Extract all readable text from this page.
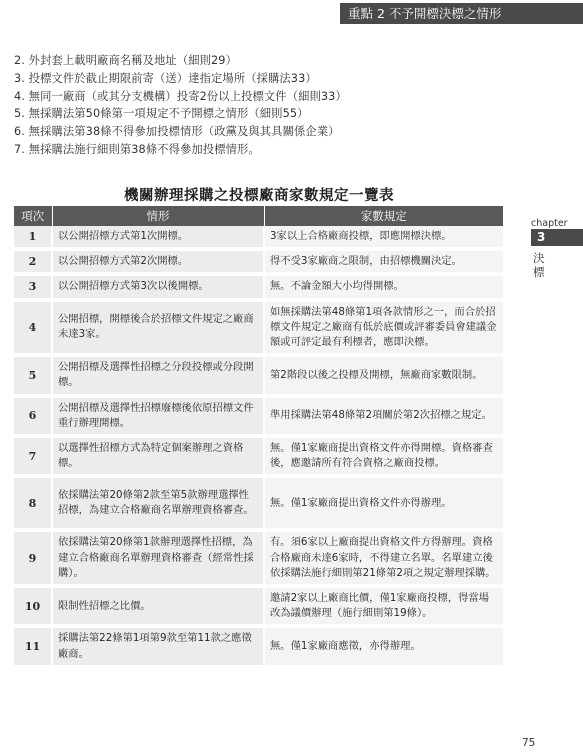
重點 2 不予開標決標之情形
2. 外封套上載明廠商名稱及地址（細則29）
3. 投標文件於截止期限前寄（送）達指定場所（採購法33）
4. 無同一廠商（或其分支機構）投寄2份以上投標文件（細則33）
5. 無採購法第50條第一項規定不予開標之情形（細則55）
6. 無採購法第38條不得參加投標情形（政黨及與其具關係企業）
7. 無採購法施行細則第38條不得參加投標情形。
機關辦理採購之投標廠商家數規定一覽表
項次	情形	家數規定
1	以公開招標方式第1次開標。	3家以上合格廠商投標，即應開標決標。
2	以公開招標方式第2次開標。	得不受3家廠商之限制，由招標機關決定。
3	以公開招標方式第3次以後開標。	無。不論金額大小均得開標。
4	公開招標，開標後合於招標文件規定之廠商未達3家。	如無採購法第48條第1項各款情形之一，而合於招標文件規定之廠商有低於底價或評審委員會建議金額或可評定最有利標者，應即決標。
5	公開招標及選擇性招標之分段投標或分段開標。	第2階段以後之投標及開標，無廠商家數限制。
6	公開招標及選擇性招標廢標後依原招標文件重行辦理開標。	準用採購法第48條第2項關於第2次招標之規定。
7	以選擇性招標方式為特定個案辦理之資格標。	無。僅1家廠商提出資格文件亦得開標。資格審查後，應邀請所有符合資格之廠商投標。
8	依採購法第20條第2款至第5款辦理選擇性招標，為建立合格廠商名單辦理資格審查。	無。僅1家廠商提出資格文件亦得辦理。
9	依採購法第20條第1款辦理選擇性招標，為建立合格廠商名單辦理資格審查（經常性採購）。	有。須6家以上廠商提出資格文件方得辦理。資格合格廠商未達6家時，不得建立名單。名單建立後依採購法施行細則第21條第2項之規定辦理採購。
10	限制性招標之比價。	邀請2家以上廠商比價，僅1家廠商投標，得當場改為議價辦理（施行細則第19條）。
11	採購法第22條第1項第9款至第11款之應徵廠商。	無。僅1家廠商應徵，亦得辦理。
chapter
3
決標
75
